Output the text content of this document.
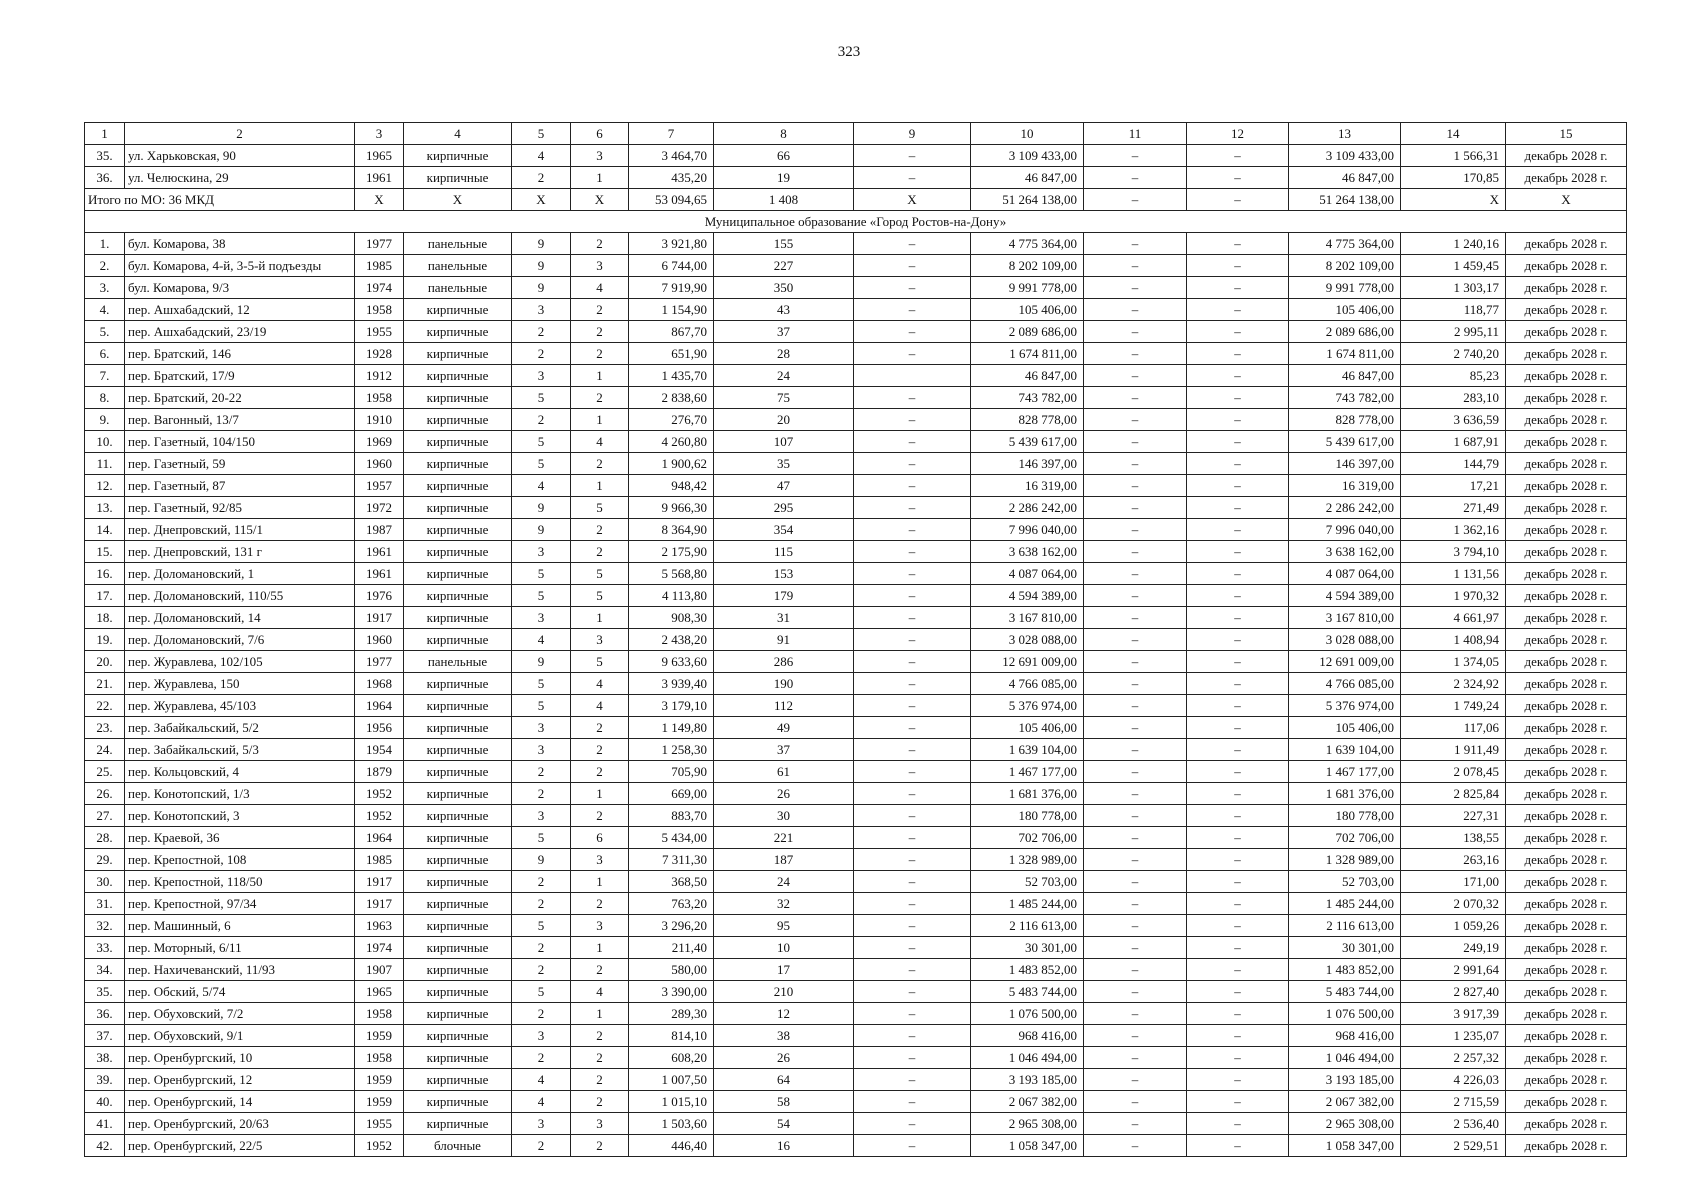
323
1	2	3	4	5	6	7	8	9	10	11	12	13	14	15
35.	ул. Харьковская, 90	1965	кирпичные	4	3	3 464,70	66	–	3 109 433,00	–	–	3 109 433,00	1 566,31	декабрь 2028 г.
36.	ул. Челюскина, 29	1961	кирпичные	2	1	435,20	19	–	46 847,00	–	–	46 847,00	170,85	декабрь 2028 г.
Итого по МО: 36 МКД		Х	Х	Х	Х	53 094,65	1 408	Х	51 264 138,00	–	–	51 264 138,00	Х	Х
Муниципальное образование «Город Ростов-на-Дону»														
1.	бул. Комарова, 38	1977	панельные	9	2	3 921,80	155	–	4 775 364,00	–	–	4 775 364,00	1 240,16	декабрь 2028 г.
2.	бул. Комарова, 4-й, 3-5-й подъезды	1985	панельные	9	3	6 744,00	227	–	8 202 109,00	–	–	8 202 109,00	1 459,45	декабрь 2028 г.
3.	бул. Комарова, 9/3	1974	панельные	9	4	7 919,90	350	–	9 991 778,00	–	–	9 991 778,00	1 303,17	декабрь 2028 г.
4.	пер. Ашхабадский, 12	1958	кирпичные	3	2	1 154,90	43	–	105 406,00	–	–	105 406,00	118,77	декабрь 2028 г.
5.	пер. Ашхабадский, 23/19	1955	кирпичные	2	2	867,70	37	–	2 089 686,00	–	–	2 089 686,00	2 995,11	декабрь 2028 г.
6.	пер. Братский, 146	1928	кирпичные	2	2	651,90	28	–	1 674 811,00	–	–	1 674 811,00	2 740,20	декабрь 2028 г.
7.	пер. Братский, 17/9	1912	кирпичные	3	1	1 435,70	24		46 847,00	–	–	46 847,00	85,23	декабрь 2028 г.
8.	пер. Братский, 20-22	1958	кирпичные	5	2	2 838,60	75	–	743 782,00	–	–	743 782,00	283,10	декабрь 2028 г.
9.	пер. Вагонный, 13/7	1910	кирпичные	2	1	276,70	20	–	828 778,00	–	–	828 778,00	3 636,59	декабрь 2028 г.
10.	пер. Газетный, 104/150	1969	кирпичные	5	4	4 260,80	107	–	5 439 617,00	–	–	5 439 617,00	1 687,91	декабрь 2028 г.
11.	пер. Газетный, 59	1960	кирпичные	5	2	1 900,62	35	–	146 397,00	–	–	146 397,00	144,79	декабрь 2028 г.
12.	пер. Газетный, 87	1957	кирпичные	4	1	948,42	47	–	16 319,00	–	–	16 319,00	17,21	декабрь 2028 г.
13.	пер. Газетный, 92/85	1972	кирпичные	9	5	9 966,30	295	–	2 286 242,00	–	–	2 286 242,00	271,49	декабрь 2028 г.
14.	пер. Днепровский, 115/1	1987	кирпичные	9	2	8 364,90	354	–	7 996 040,00	–	–	7 996 040,00	1 362,16	декабрь 2028 г.
15.	пер. Днепровский, 131 г	1961	кирпичные	3	2	2 175,90	115	–	3 638 162,00	–	–	3 638 162,00	3 794,10	декабрь 2028 г.
16.	пер. Доломановский, 1	1961	кирпичные	5	5	5 568,80	153	–	4 087 064,00	–	–	4 087 064,00	1 131,56	декабрь 2028 г.
17.	пер. Доломановский, 110/55	1976	кирпичные	5	5	4 113,80	179	–	4 594 389,00	–	–	4 594 389,00	1 970,32	декабрь 2028 г.
18.	пер. Доломановский, 14	1917	кирпичные	3	1	908,30	31	–	3 167 810,00	–	–	3 167 810,00	4 661,97	декабрь 2028 г.
19.	пер. Доломановский, 7/6	1960	кирпичные	4	3	2 438,20	91	–	3 028 088,00	–	–	3 028 088,00	1 408,94	декабрь 2028 г.
20.	пер. Журавлева, 102/105	1977	панельные	9	5	9 633,60	286	–	12 691 009,00	–	–	12 691 009,00	1 374,05	декабрь 2028 г.
21.	пер. Журавлева, 150	1968	кирпичные	5	4	3 939,40	190	–	4 766 085,00	–	–	4 766 085,00	2 324,92	декабрь 2028 г.
22.	пер. Журавлева, 45/103	1964	кирпичные	5	4	3 179,10	112	–	5 376 974,00	–	–	5 376 974,00	1 749,24	декабрь 2028 г.
23.	пер. Забайкальский, 5/2	1956	кирпичные	3	2	1 149,80	49	–	105 406,00	–	–	105 406,00	117,06	декабрь 2028 г.
24.	пер. Забайкальский, 5/3	1954	кирпичные	3	2	1 258,30	37	–	1 639 104,00	–	–	1 639 104,00	1 911,49	декабрь 2028 г.
25.	пер. Кольцовский, 4	1879	кирпичные	2	2	705,90	61	–	1 467 177,00	–	–	1 467 177,00	2 078,45	декабрь 2028 г.
26.	пер. Конотопский, 1/3	1952	кирпичные	2	1	669,00	26	–	1 681 376,00	–	–	1 681 376,00	2 825,84	декабрь 2028 г.
27.	пер. Конотопский, 3	1952	кирпичные	3	2	883,70	30	–	180 778,00	–	–	180 778,00	227,31	декабрь 2028 г.
28.	пер. Краевой, 36	1964	кирпичные	5	6	5 434,00	221	–	702 706,00	–	–	702 706,00	138,55	декабрь 2028 г.
29.	пер. Крепостной, 108	1985	кирпичные	9	3	7 311,30	187	–	1 328 989,00	–	–	1 328 989,00	263,16	декабрь 2028 г.
30.	пер. Крепостной, 118/50	1917	кирпичные	2	1	368,50	24	–	52 703,00	–	–	52 703,00	171,00	декабрь 2028 г.
31.	пер. Крепостной, 97/34	1917	кирпичные	2	2	763,20	32	–	1 485 244,00	–	–	1 485 244,00	2 070,32	декабрь 2028 г.
32.	пер. Машинный, 6	1963	кирпичные	5	3	3 296,20	95	–	2 116 613,00	–	–	2 116 613,00	1 059,26	декабрь 2028 г.
33.	пер. Моторный, 6/11	1974	кирпичные	2	1	211,40	10	–	30 301,00	–	–	30 301,00	249,19	декабрь 2028 г.
34.	пер. Нахичеванский, 11/93	1907	кирпичные	2	2	580,00	17	–	1 483 852,00	–	–	1 483 852,00	2 991,64	декабрь 2028 г.
35.	пер. Обский, 5/74	1965	кирпичные	5	4	3 390,00	210	–	5 483 744,00	–	–	5 483 744,00	2 827,40	декабрь 2028 г.
36.	пер. Обуховский, 7/2	1958	кирпичные	2	1	289,30	12	–	1 076 500,00	–	–	1 076 500,00	3 917,39	декабрь 2028 г.
37.	пер. Обуховский, 9/1	1959	кирпичные	3	2	814,10	38	–	968 416,00	–	–	968 416,00	1 235,07	декабрь 2028 г.
38.	пер. Оренбургский, 10	1958	кирпичные	2	2	608,20	26	–	1 046 494,00	–	–	1 046 494,00	2 257,32	декабрь 2028 г.
39.	пер. Оренбургский, 12	1959	кирпичные	4	2	1 007,50	64	–	3 193 185,00	–	–	3 193 185,00	4 226,03	декабрь 2028 г.
40.	пер. Оренбургский, 14	1959	кирпичные	4	2	1 015,10	58	–	2 067 382,00	–	–	2 067 382,00	2 715,59	декабрь 2028 г.
41.	пер. Оренбургский, 20/63	1955	кирпичные	3	3	1 503,60	54	–	2 965 308,00	–	–	2 965 308,00	2 536,40	декабрь 2028 г.
42.	пер. Оренбургский, 22/5	1952	блочные	2	2	446,40	16	–	1 058 347,00	–	–	1 058 347,00	2 529,51	декабрь 2028 г.
